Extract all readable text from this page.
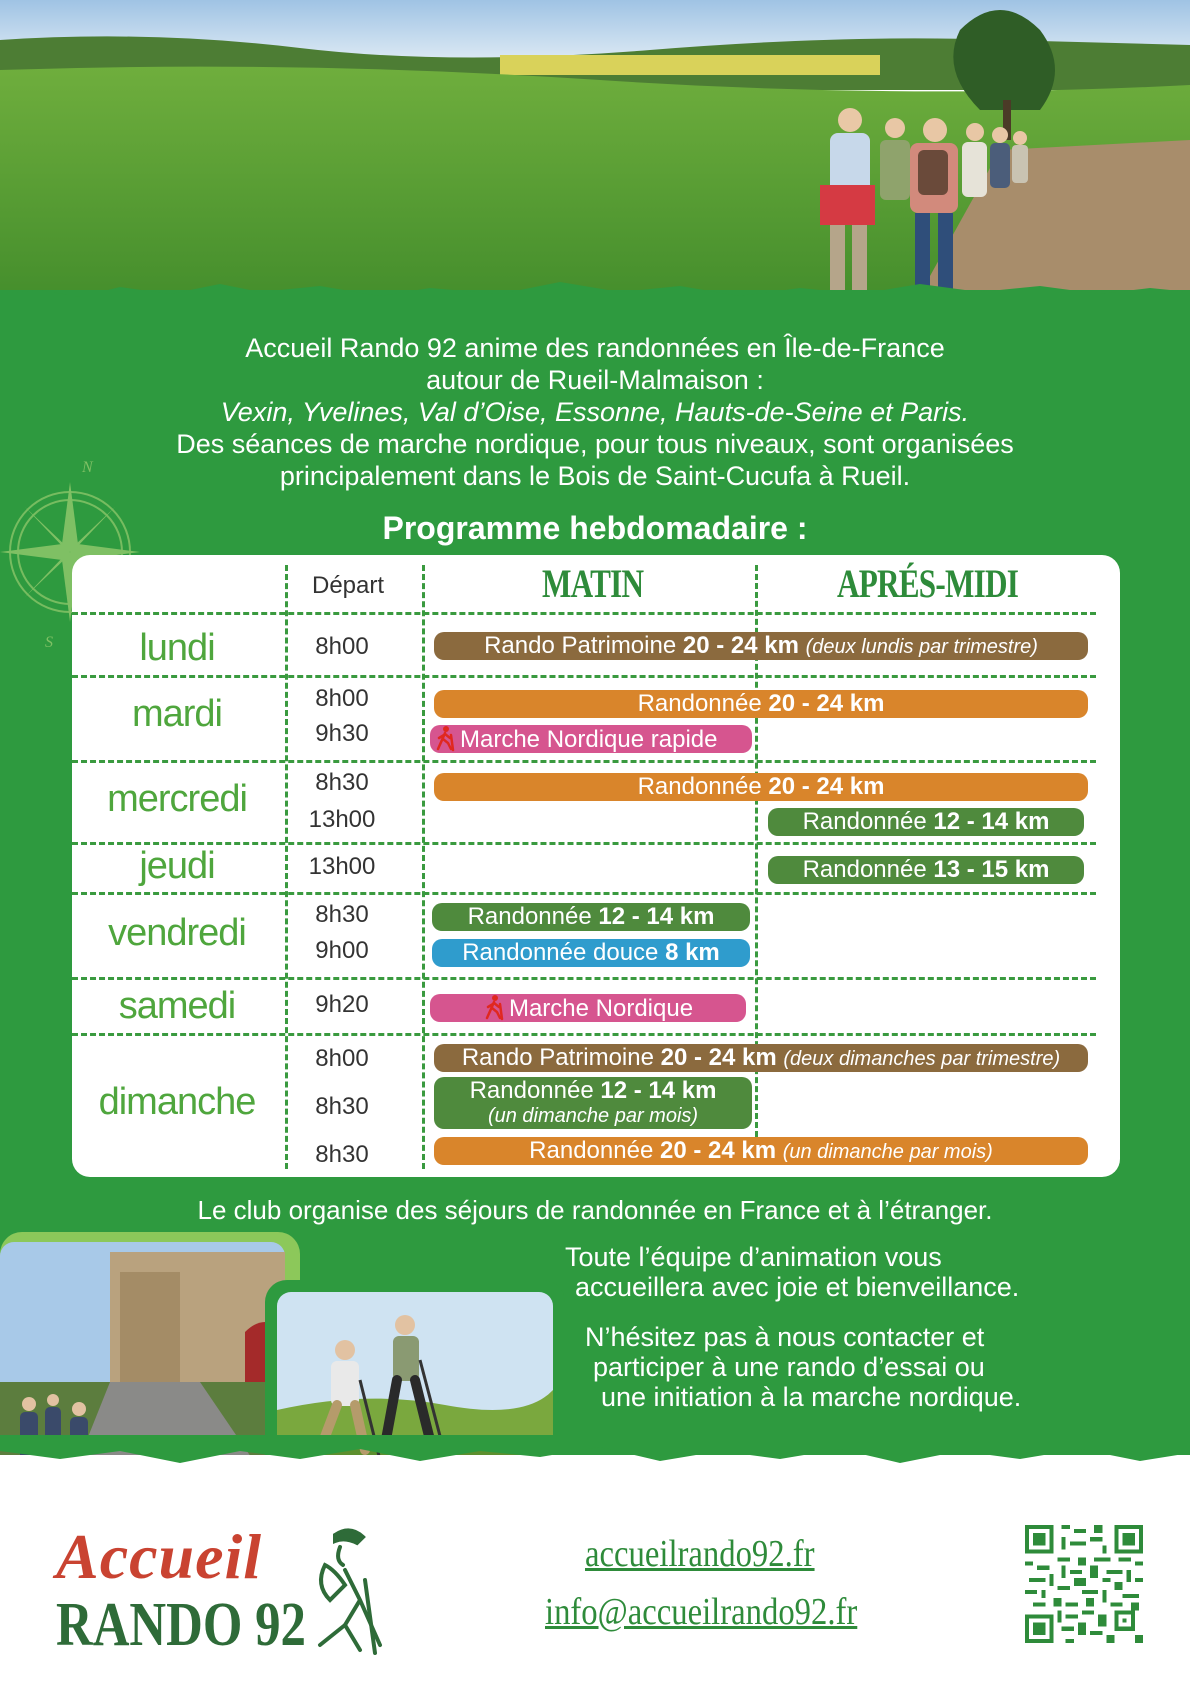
N
S
Accueil Rando 92 anime des randonnées en Île-de-France
autour de Rueil-Malmaison :
Vexin, Yvelines, Val d’Oise, Essonne, Hauts-de-Seine et Paris.
Des séances de marche nordique, pour tous niveaux, sont organisées
principalement dans le Bois de Saint-Cucufa à Rueil.
Programme hebdomadaire :
Départ	MATIN	APRÉS-MIDI
lundi
mardi
mercredi
jeudi
vendredi
samedi
dimanche
8h00
8h00
9h30
8h30
13h00
13h00
8h30
9h00
9h20
8h00
8h30
8h30
Rando Patrimoine 20 - 24 km (deux lundis par trimestre)
Randonnée 20 - 24 km
Marche Nordique rapide
Randonnée 20 - 24 km
Randonnée 12 - 14 km
Randonnée 13 - 15 km
Randonnée 12 - 14 km
Randonnée douce 8 km
Marche Nordique
Rando Patrimoine 20 - 24 km (deux dimanches par trimestre)
Randonnée 12 - 14 km
(un dimanche par mois)
Randonnée 20 - 24 km (un dimanche par mois)
Le club organise des séjours de randonnée en France et à l’étranger.
Toute l’équipe d’animation vous
accueillera avec joie et bienveillance.
N’hésitez pas à nous contacter et
participer à une rando d’essai ou
une initiation à la marche nordique.
Accueil
RANDO 92
accueilrando92.fr
info@accueilrando92.fr
